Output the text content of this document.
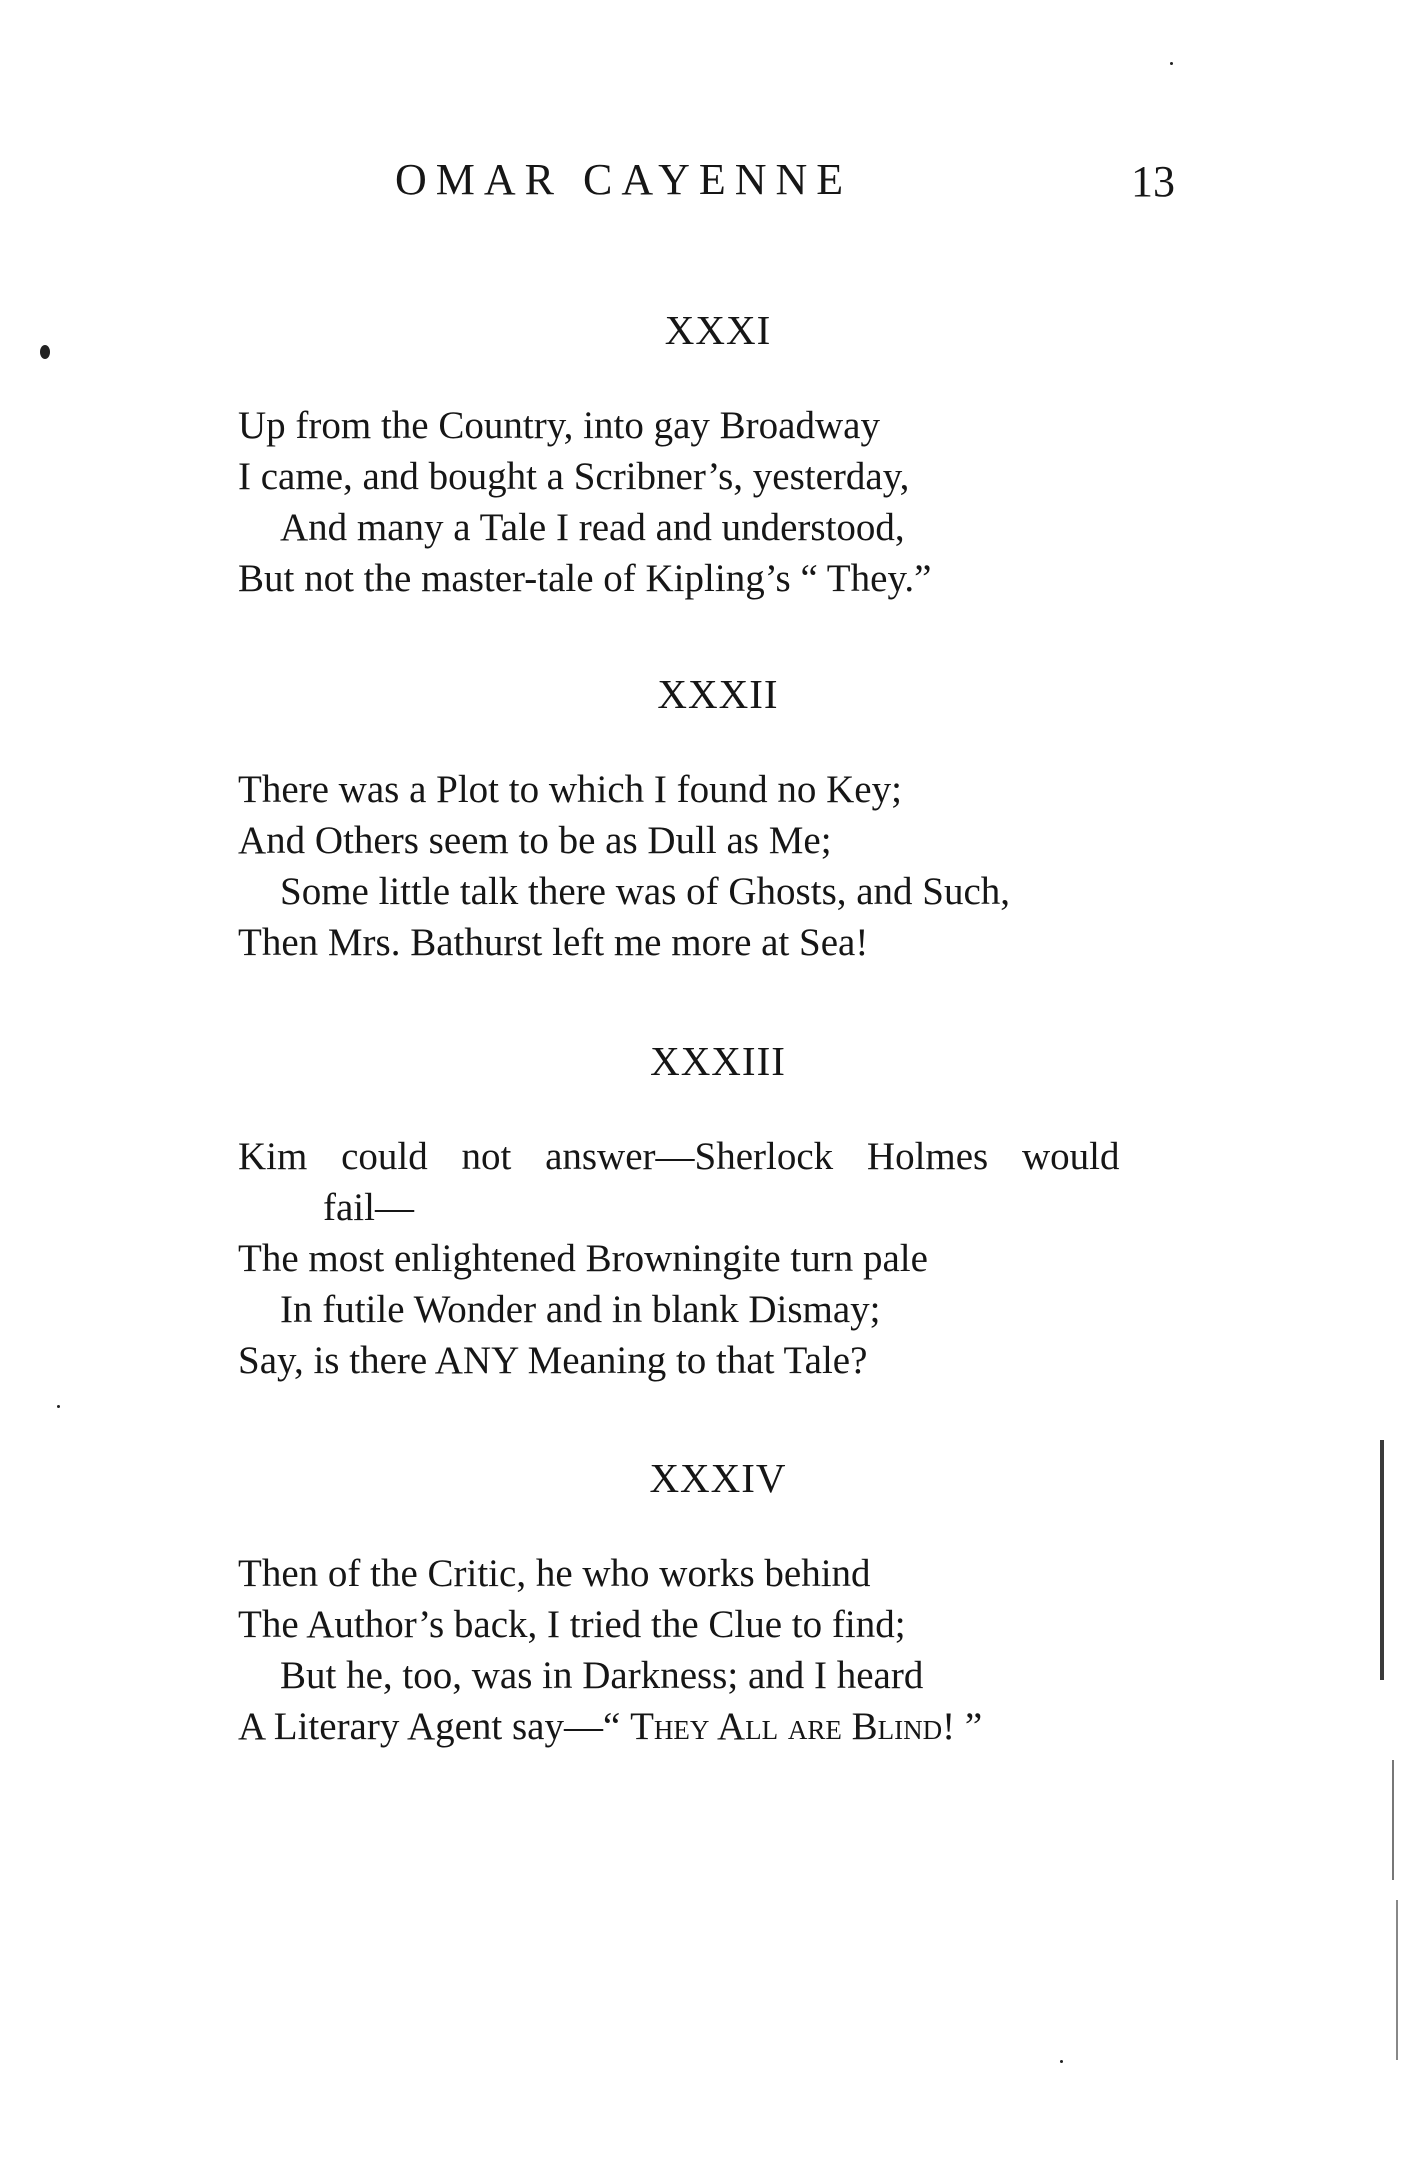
OMAR CAYENNE	13
XXXI
Up from the Country, into gay Broadway
I came, and bought a Scribner’s, yesterday,
And many a Tale I read and understood,
But not the master-tale of Kipling’s “ They.”
XXXII
There was a Plot to which I found no Key;
And Others seem to be as Dull as Me;
Some little talk there was of Ghosts, and Such,
Then Mrs. Bathurst left me more at Sea!
XXXIII
Kim could not answer—Sherlock Holmes would
fail—
The most enlightened Browningite turn pale
In futile Wonder and in blank Dismay;
Say, is there ANY Meaning to that Tale?
XXXIV
Then of the Critic, he who works behind
The Author’s back, I tried the Clue to find;
But he, too, was in Darkness; and I heard
A Literary Agent say—“ They All are Blind! ”
